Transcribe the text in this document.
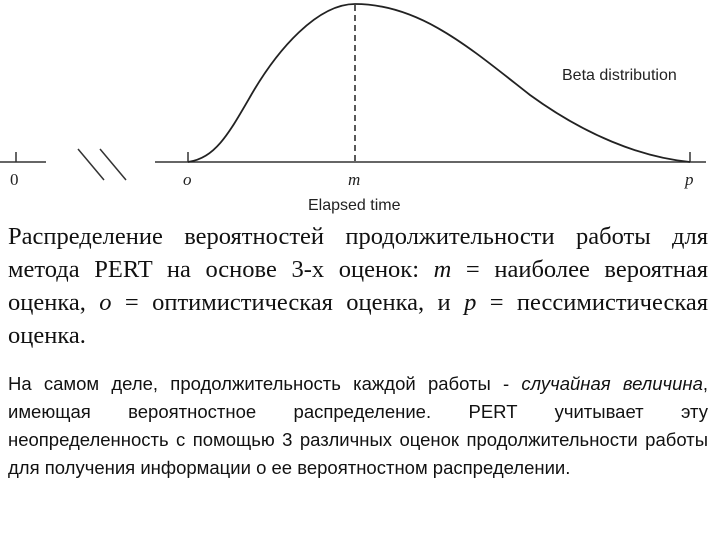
Beta distribution
0	o	m	p
Elapsed time
Распределение вероятностей продолжительности работы для метода PERT на основе 3-х оценок: m = наиболее вероятная оценка, o = оптимистическая оценка, и p = пессимистическая оценка.
На самом деле, продолжительность каждой работы - случайная величина, имеющая вероятностное распределение. PERT учитывает эту неопределенность с помощью 3 различных оценок продолжительности работы для получения информации о ее вероятностном распределении.
